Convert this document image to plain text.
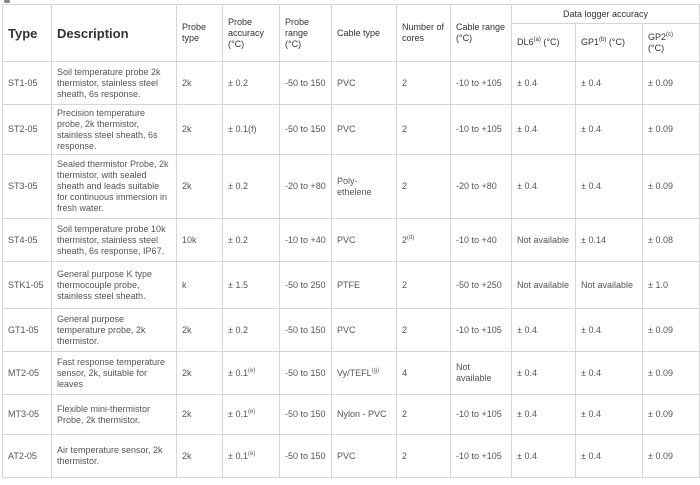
Type	Description	Probe type	Probe accuracy (°C)	Probe range (°C)	Cable type	Number of cores	Cable range (°C)	Data logger accuracy		
								DL6$^{(a)}$ (°C)	GP1$^{(b)}$ (°C)	GP2$^{(c)}$
(°C)
ST1-05	Soil temperature probe 2k thermistor, stainless steel sheath, 6s response.	2k	± 0.2	-50 to 150	PVC	2	-10 to +105	± 0.4	± 0.4	± 0.09
ST2-05	Precision temperature probe, 2k thermistor, stainless steel sheath, 6s response.	2k	± 0.1(f)	-50 to 150	PVC	2	-10 to +105	± 0.4	± 0.4	± 0.09
ST3-05	Sealed thermistor Probe, 2k thermistor, with sealed sheath and leads suitable for continuous immersion in fresh water.	2k	± 0.2	-20 to +80	Poly-ethelene	2	-20 to +80	± 0.4	± 0.4	± 0.09
ST4-05	Soil temperature probe 10k thermistor, stainless steel sheath, 6s response, IP67.	10k	± 0.2	-10 to +40	PVC	2$^{(d)}$	-10 to +40	Not available	± 0.14	± 0.08
STK1-05	General purpose K type thermocouple probe, stainless steel sheath.	k	± 1.5	-50 to 250	PTFE	2	-50 to +250	Not available	Not available	± 1.0
GT1-05	General purpose temperature probe, 2k thermistor.	2k	± 0.2	-50 to 150	PVC	2	-10 to +105	± 0.4	± 0.4	± 0.09
MT2-05	Fast response temperature sensor, 2k, suitable for leaves	2k	± $0.1^{(e)}$	-50 to 150	Vy/TEFL$^{(g)}$	4	Not available	± 0.4	± 0.4	± 0.09
MT3-05	Flexible mini-thermistor Probe, 2k thermistor.	2k	± $0.1^{(e)}$	-50 to 150	Nylon - PVC	2	-10 to +105	± 0.4	± 0.4	± 0.09
AT2-05	Air temperature sensor, 2k thermistor.	2k	± $0.1^{(e)}$	-50 to 150	PVC	2	-10 to +105	± 0.4	± 0.4	± 0.09
